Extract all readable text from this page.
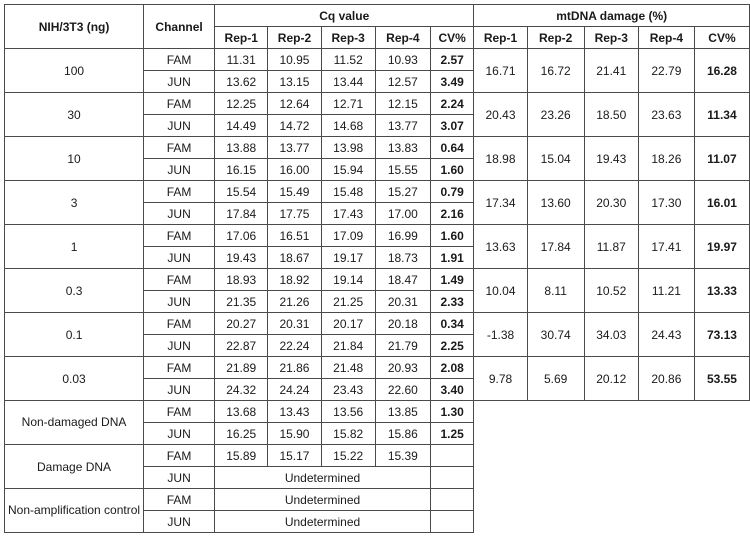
NIH/3T3 (ng)	Channel	Cq value					mtDNA damage (%)				
		Rep-1	Rep-2	Rep-3	Rep-4	CV%	Rep-1	Rep-2	Rep-3	Rep-4	CV%
100	FAM	11.31	10.95	11.52	10.93	2.57	16.71	16.72	21.41	22.79	16.28
	JUN	13.62	13.15	13.44	12.57	3.49					
30	FAM	12.25	12.64	12.71	12.15	2.24	20.43	23.26	18.50	23.63	11.34
	JUN	14.49	14.72	14.68	13.77	3.07					
10	FAM	13.88	13.77	13.98	13.83	0.64	18.98	15.04	19.43	18.26	11.07
	JUN	16.15	16.00	15.94	15.55	1.60					
3	FAM	15.54	15.49	15.48	15.27	0.79	17.34	13.60	20.30	17.30	16.01
	JUN	17.84	17.75	17.43	17.00	2.16					
1	FAM	17.06	16.51	17.09	16.99	1.60	13.63	17.84	11.87	17.41	19.97
	JUN	19.43	18.67	19.17	18.73	1.91					
0.3	FAM	18.93	18.92	19.14	18.47	1.49	10.04	8.11	10.52	11.21	13.33
	JUN	21.35	21.26	21.25	20.31	2.33					
0.1	FAM	20.27	20.31	20.17	20.18	0.34	-1.38	30.74	34.03	24.43	73.13
	JUN	22.87	22.24	21.84	21.79	2.25					
0.03	FAM	21.89	21.86	21.48	20.93	2.08	9.78	5.69	20.12	20.86	53.55
	JUN	24.32	24.24	23.43	22.60	3.40					
Non-damaged DNA	FAM	13.68	13.43	13.56	13.85	1.30					
	JUN	16.25	15.90	15.82	15.86	1.25					
Damage DNA	FAM	15.89	15.17	15.22	15.39						
	JUN	Undetermined									
Non-amplification control	FAM	Undetermined									
	JUN	Undetermined									
